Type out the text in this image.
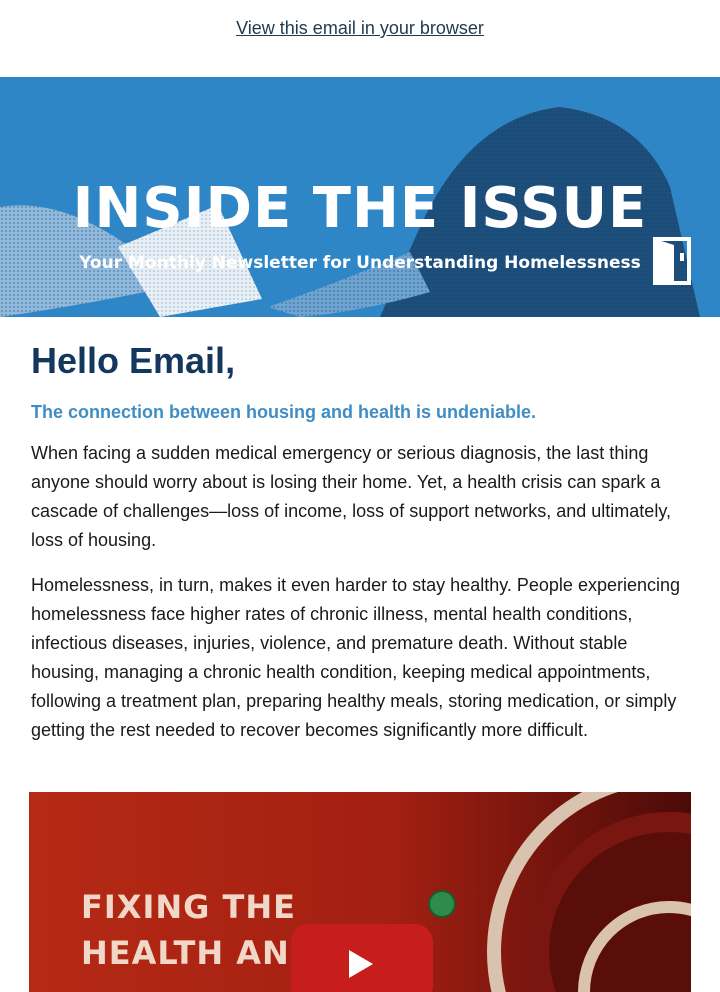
View this email in your browser
INSIDE THE ISSUE
Your Monthly Newsletter for Understanding Homelessness
Hello Email,

The connection between housing and health is undeniable.

When facing a sudden medical emergency or serious diagnosis, the last thing anyone should worry about is losing their home. Yet, a health crisis can spark a cascade of challenges—loss of income, loss of support networks, and ultimately, loss of housing.

Homelessness, in turn, makes it even harder to stay healthy. People experiencing homelessness face higher rates of chronic illness, mental health conditions, infectious diseases, injuries, violence, and premature death. Without stable housing, managing a chronic health condition, keeping medical appointments, following a treatment plan, preparing healthy meals, storing medication, or simply getting the rest needed to recover becomes significantly more difficult.

FIXING THE
HEALTH AN
